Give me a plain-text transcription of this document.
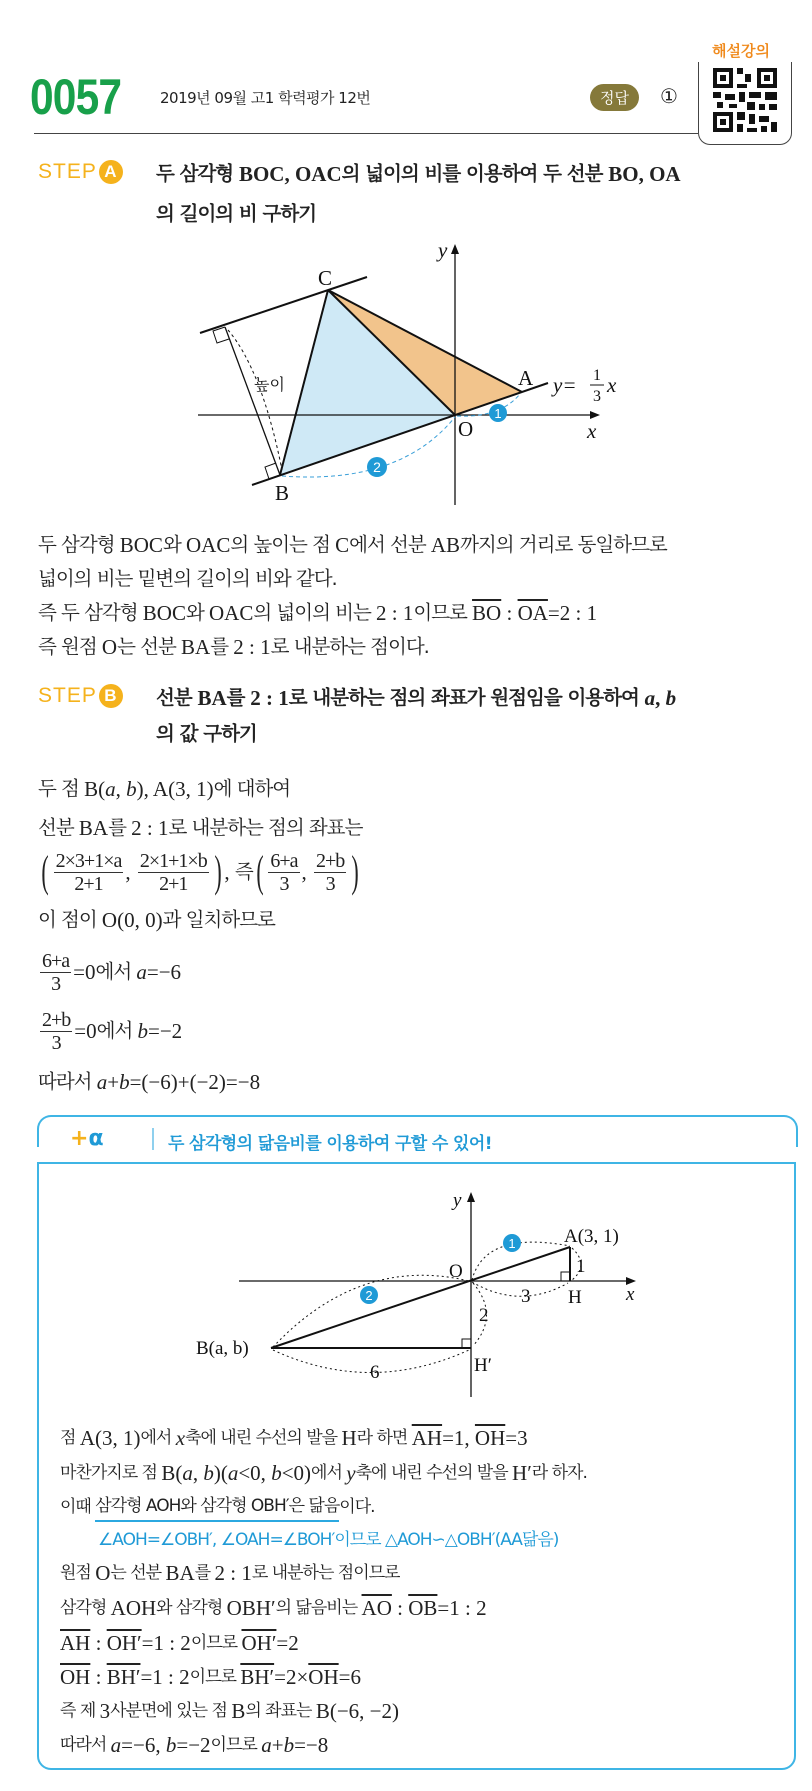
0057	2019년 09월 고1 학력평가 12번	정답	①
해설강의
STEP A 두 삼각형 BOC, OAC 의 넓이의 비를 이용하여 두 선분 BO, OA
의 길이의 비 구하기
2
1
C
A
O
B
x
y
y= 1
3 x
높이
두 삼각형 BOC 와 OAC 의 높이는 점 C 에서 선분 AB 까지의 거리로 동일하므로
넓이의 비는 밑변의 길이의 비와 같다.
즉 두 삼각형 BOC 와 OAC 의 넓이의 비는 2 : 1 이므로 $\overline{BO}$ : $\overline{OA} =2$ : 1
즉 원점 O 는 선분 BA 를 2 : 1 로 내분하는 점이다.
STEP B 선분 BA 를 2 : 1 로 내분하는 점의 좌표가 원점임을 이용하여 a , b
의 값 구하기
두 점 B( a , b ), A(3, 1) 에 대하여
선분 BA 를 2 : 1 로 내분하는 점의 좌표는
( $\frac{2\times 3+1\times a}{2+1}$ , $\frac{2\times 1+1\times b}{2+1}$ ) , 즉 ( $\frac{6+a}{3}$ , $\frac{2+b}{3}$ )
이 점이 O(0, 0) 과 일치하므로
$\frac{6+a}{3} =0$ 에서 a =−6
$\frac{2+b}{3} =0$ 에서 b =−2
따라서 a + b =(−6)+(−2)=−8
+α	두 삼각형의 닮음비를 이용하여 구할 수 있어!
1
2
A(3, 1)
O
H
H′
B(a, b)
x
y
1
3
2
6
점 A(3, 1) 에서 x 축에 내린 수선의 발을 H 라 하면 $\overline{AH} =1$, $\overline{OH} =3$
마찬가지로 점 B( a , b )( a <0, b <0) 에서 y 축에 내린 수선의 발을 H′ 라 하자.
이때 삼각형 AOH와 삼각형 OBH′은 닮음 이다.
∠AOH=∠OBH′, ∠OAH=∠BOH′이므로 △AOH∽△OBH′(AA닮음)
원점 O 는 선분 BA 를 2 : 1 로 내분하는 점이므로
삼각형 AOH 와 삼각형 OBH′ 의 닮음비는 $\overline{AO}$ : $\overline{OB} =1$ : 2
$\overline{AH}$ : OH′ =1 : 2 이므로 OH′ =2
$\overline{OH}$ : BH′ =1 : 2 이므로 $BH' =2\times \overline{OH} =6$
즉 제 3 사분면에 있는 점 B 의 좌표는 B(−6, −2)
따라서 a =−6, b =−2 이므로 a + b =−8
